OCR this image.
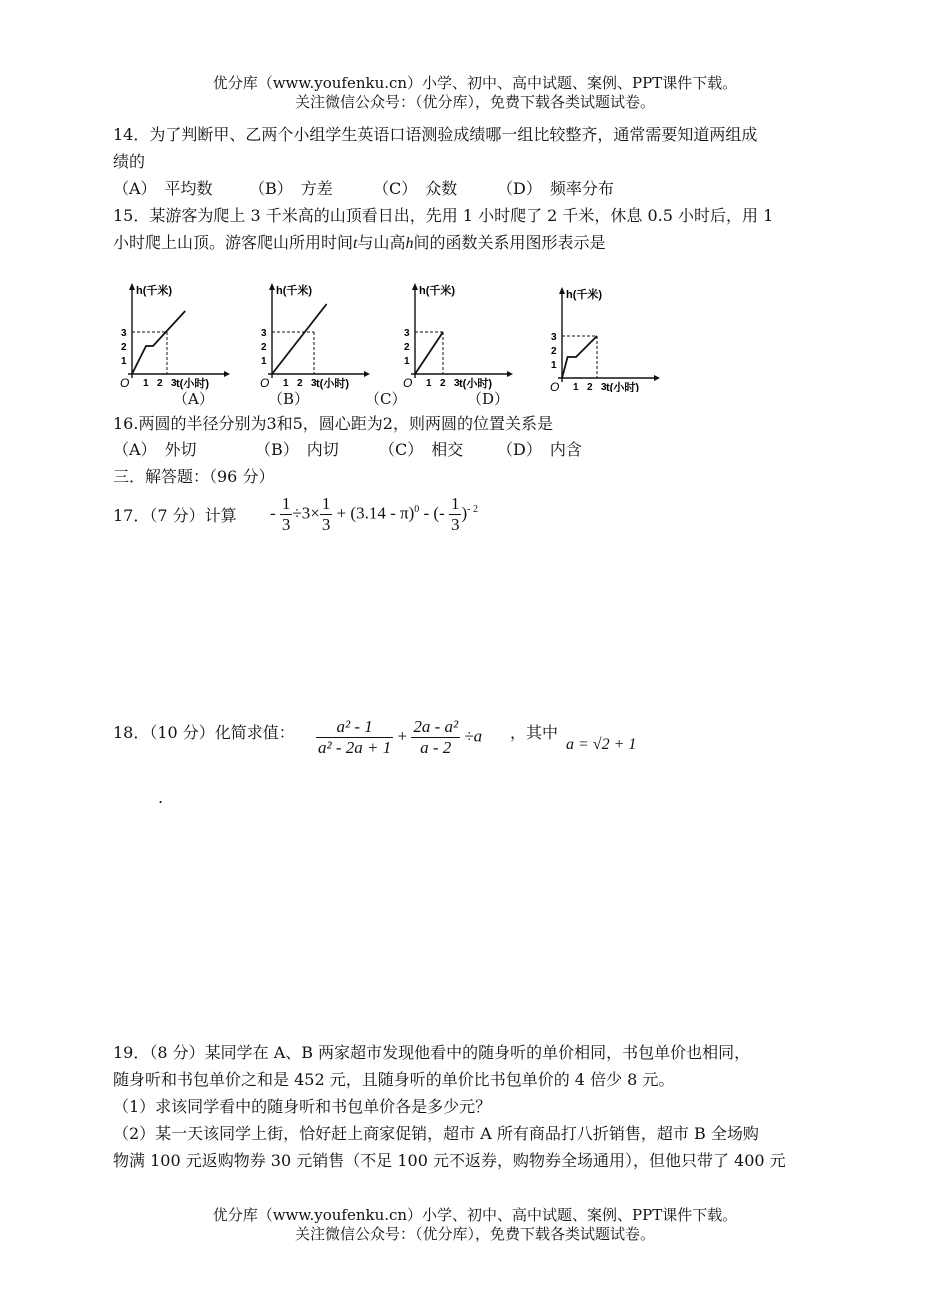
优分库（www.youfenku.cn）小学、初中、高中试题、案例、PPT课件下载。
关注微信公众号：（优分库），免费下载各类试题试卷。
14．为了判断甲、乙两个小组学生英语口语测验成绩哪一组比较整齐，通常需要知道两组成
绩的
（A）　平均数 （B）　方差	（C）　众数 （D）　频率分布
15．某游客为爬上 3 千米高的山顶看日出，先用 1 小时爬了 2 千米，休息 0.5 小时后，用 1
小时爬上山顶。游客爬山所用时间t与山高h间的函数关系用图形表示是
h(千米)
t(小时)
O 1 2 3
1
2
3
h(千米)
t(小时)
O 1 2 3
1
2
3
h(千米)
t(小时)
O 1 2 3
1
2
3
h(千米)
t(小时)
O 1 2 3
1
2
3
（A）	（B）	（C）	（D）
16.两圆的半径分别为3和5，圆心距为2，则两圆的位置关系是
（A）　外切	（B）　内切	（C）　相交 （D）　内含
三．解答题：（96 分）
17．（7 分）计算 - $\frac{1}{3} \div 3\times \frac{1}{3} + (3.14 - \pi)^0$ - (- $\frac{1}{3} )^{- 2}$
18．（10 分）化简求值： $\frac{\text{a² - 1}}{\text{a² - 2a + 1}} + \frac{\text{2a - a²}}{a - 2} \div a$ ，其中
a = √2 + 1
.
19．（8 分）某同学在 A、B 两家超市发现他看中的随身听的单价相同，书包单价也相同，
随身听和书包单价之和是 452 元，且随身听的单价比书包单价的 4 倍少 8 元。
（1）求该同学看中的随身听和书包单价各是多少元？
（2）某一天该同学上街，恰好赶上商家促销，超市 A 所有商品打八折销售，超市 B 全场购
物满 100 元返购物券 30 元销售（不足 100 元不返券，购物券全场通用），但他只带了 400 元
优分库（www.youfenku.cn）小学、初中、高中试题、案例、PPT课件下载。
关注微信公众号：（优分库），免费下载各类试题试卷。
